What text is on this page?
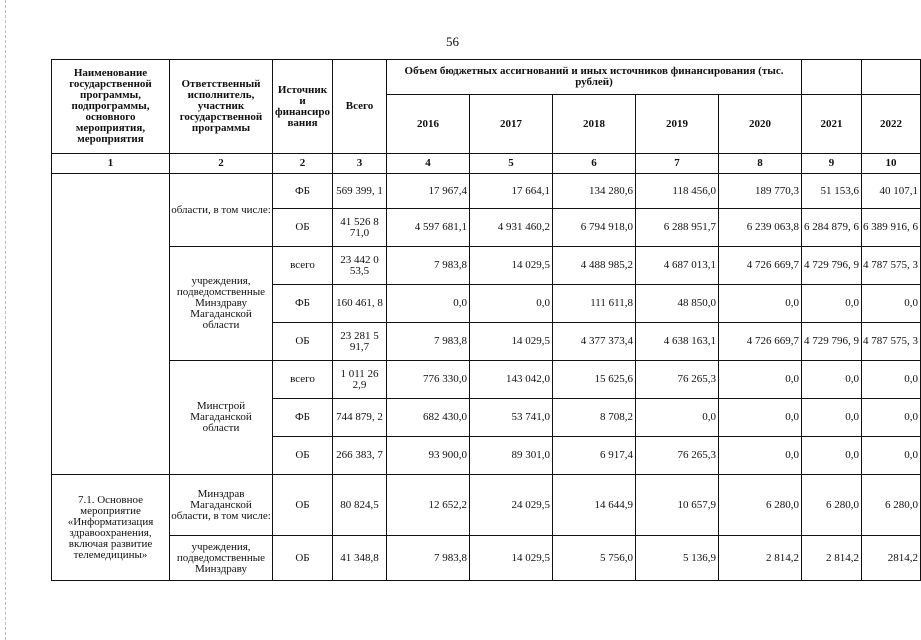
56
Наименование государственной программы, подпрограммы, основного мероприятия, мероприятия	Ответственный исполнитель, участник государственной программы	Источник и финансирования	Всего	Объем бюджетных ассигнований и иных источников финансирования (тыс. рублей)						
				2016	2017	2018	2019	2020	2021	2022
1	2	2	3	4	5	6	7	8	9	10
	области, в том числе:	ФБ	569 399, 1	17 967,4	17 664,1	134 280,6	118 456,0	189 770,3	51 153,6	40 107,1
		ОБ	41 526 8 71,0	4 597 681,1	4 931 460,2	6 794 918,0	6 288 951,7	6 239 063,8	6 284 879, 6	6 389 916, 6
	учреждения, подведомственные Минздраву Магаданской области	всего	23 442 0 53,5	7 983,8	14 029,5	4 488 985,2	4 687 013,1	4 726 669,7	4 729 796, 9	4 787 575, 3
		ФБ	160 461, 8	0,0	0,0	111 611,8	48 850,0	0,0	0,0	0,0
		ОБ	23 281 5 91,7	7 983,8	14 029,5	4 377 373,4	4 638 163,1	4 726 669,7	4 729 796, 9	4 787 575, 3
	Минстрой Магаданской области	всего	1 011 26 2,9	776 330,0	143 042,0	15 625,6	76 265,3	0,0	0,0	0,0
		ФБ	744 879, 2	682 430,0	53 741,0	8 708,2	0,0	0,0	0,0	0,0
		ОБ	266 383, 7	93 900,0	89 301,0	6 917,4	76 265,3	0,0	0,0	0,0
7.1. Основное мероприятие «Информатизация здравоохранения, включая развитие телемедицины»	Минздрав Магаданской области, в том числе:	ОБ	80 824,5	12 652,2	24 029,5	14 644,9	10 657,9	6 280,0	6 280,0	6 280,0
	учреждения, подведомственные Минздраву	ОБ	41 348,8	7 983,8	14 029,5	5 756,0	5 136,9	2 814,2	2 814,2	2814,2
